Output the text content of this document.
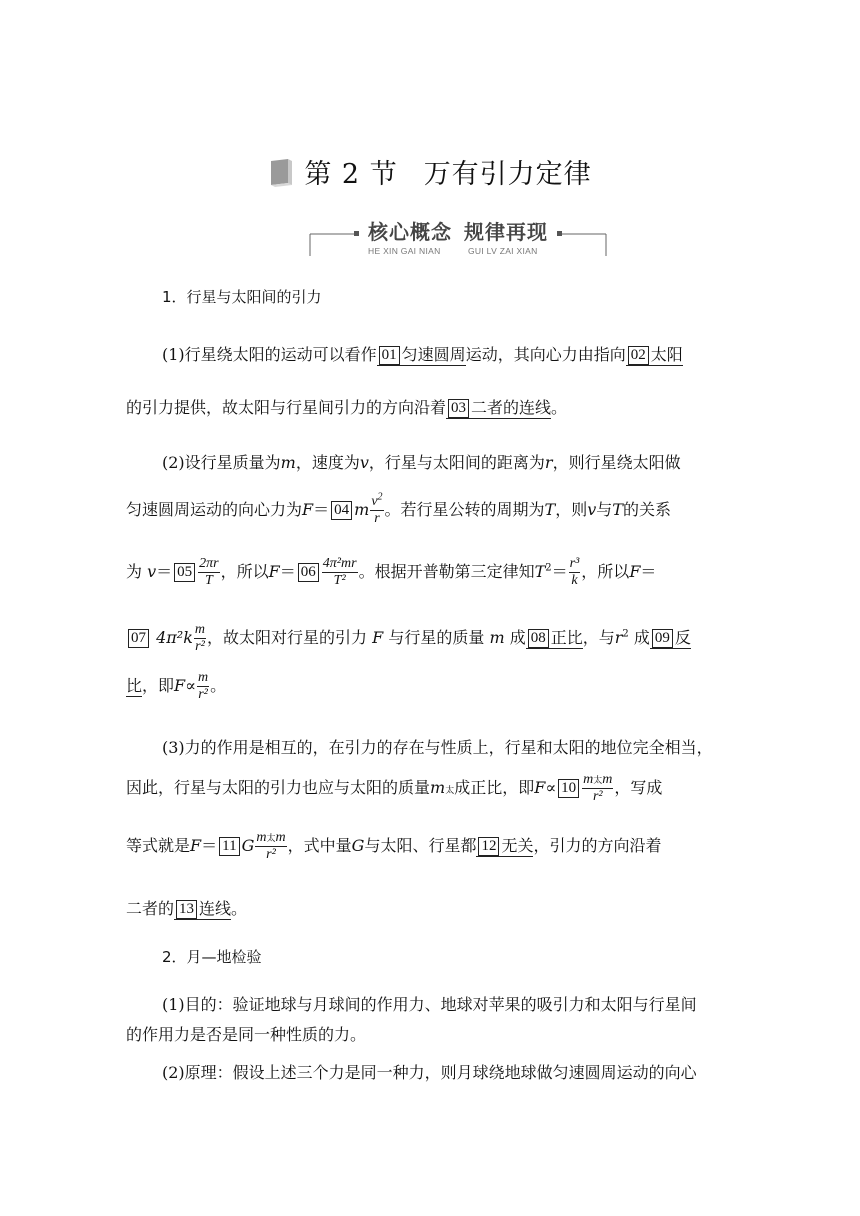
第 2 节 万有引力定律
核心概念 规律再现
HE XIN GAI NIAN	GUI LV ZAI XIAN
1．行星与太阳间的引力
(1)行星绕太阳的运动可以看作 01 匀速圆周运动，其向心力由指向 02 太阳
的引力提供，故太阳与行星间引力的方向沿着 03 二者的连线。
(2)设行星质量为m，速度为v，行星与太阳间的距离为r，则行星绕太阳做
匀速圆周运动的向心力为F＝ 04 m $\frac{v^2}{r}$ 。若行星公转的周期为T，则v与T的关系
为 $v= 05 \frac{2\pi r}{T}$ ，所以$F= 06 \frac{\text{4π²mr}}{\text{T²}}$ 。根据开普勒第三定律知$T^2= \frac{\text{r³}}{k}$ ，所以F＝
07 $4\pi^2k \frac{m}{\text{r²}}$ ，故太阳对行星的引力 F 与行星的质量 m 成 08 正比，与$r^2$ 成 09 反
比，即$F\propto \frac{m}{\text{r²}}$ 。
(3)力的作用是相互的，在引力的存在与性质上，行星和太阳的地位完全相当，
因此，行星与太阳的引力也应与太阳的质量m太成正比，即$F\propto 10 \frac{\text{m太m}}{\text{r²}}$ ，写成
等式就是F＝ 11 G $\frac{\text{m太m}}{\text{r²}}$ ，式中量G与太阳、行星都 12 无关，引力的方向沿着
二者的 13 连线。
2．月—地检验
(1)目的：验证地球与月球间的作用力、地球对苹果的吸引力和太阳与行星间
的作用力是否是同一种性质的力。
(2)原理：假设上述三个力是同一种力，则月球绕地球做匀速圆周运动的向心
